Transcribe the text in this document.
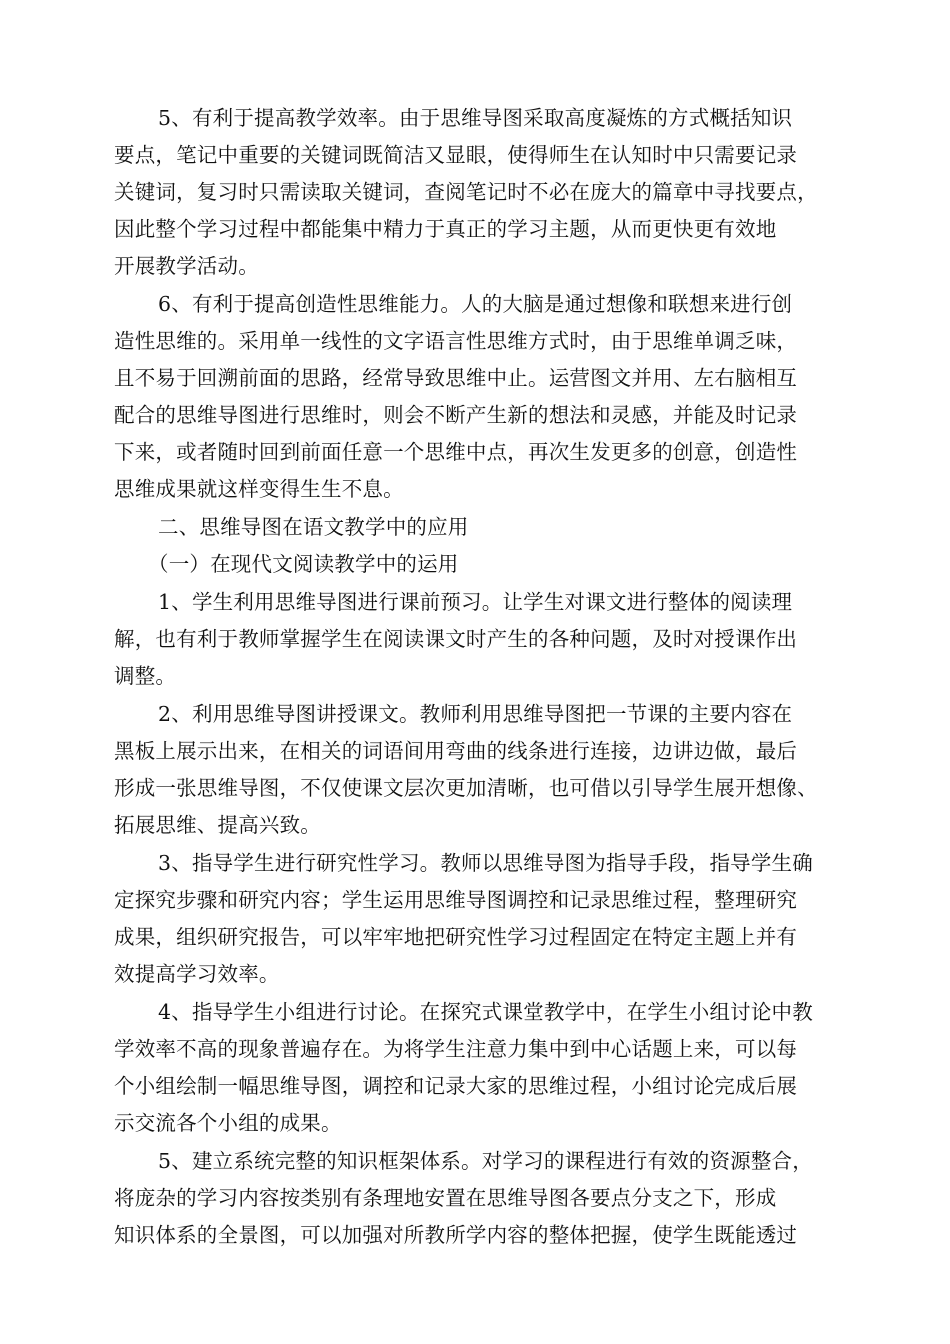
5、有利于提高教学效率。由于思维导图采取高度凝炼的方式概括知识
要点，笔记中重要的关键词既简洁又显眼，使得师生在认知时中只需要记录
关键词，复习时只需读取关键词，查阅笔记时不必在庞大的篇章中寻找要点，
因此整个学习过程中都能集中精力于真正的学习主题，从而更快更有效地
开展教学活动。
6、有利于提高创造性思维能力。人的大脑是通过想像和联想来进行创
造性思维的。采用单一线性的文字语言性思维方式时，由于思维单调乏味，
且不易于回溯前面的思路，经常导致思维中止。运营图文并用、左右脑相互
配合的思维导图进行思维时，则会不断产生新的想法和灵感，并能及时记录
下来，或者随时回到前面任意一个思维中点，再次生发更多的创意，创造性
思维成果就这样变得生生不息。
二、思维导图在语文教学中的应用
（一）在现代文阅读教学中的运用
1、学生利用思维导图进行课前预习。让学生对课文进行整体的阅读理
解，也有利于教师掌握学生在阅读课文时产生的各种问题，及时对授课作出
调整。
2、利用思维导图讲授课文。教师利用思维导图把一节课的主要内容在
黑板上展示出来，在相关的词语间用弯曲的线条进行连接，边讲边做，最后
形成一张思维导图，不仅使课文层次更加清晰，也可借以引导学生展开想像、
拓展思维、提高兴致。
3、指导学生进行研究性学习。教师以思维导图为指导手段，指导学生确
定探究步骤和研究内容；学生运用思维导图调控和记录思维过程，整理研究
成果，组织研究报告，可以牢牢地把研究性学习过程固定在特定主题上并有
效提高学习效率。
4、指导学生小组进行讨论。在探究式课堂教学中，在学生小组讨论中教
学效率不高的现象普遍存在。为将学生注意力集中到中心话题上来，可以每
个小组绘制一幅思维导图，调控和记录大家的思维过程，小组讨论完成后展
示交流各个小组的成果。
5、建立系统完整的知识框架体系。对学习的课程进行有效的资源整合，
将庞杂的学习内容按类别有条理地安置在思维导图各要点分支之下，形成
知识体系的全景图，可以加强对所教所学内容的整体把握，使学生既能透过
